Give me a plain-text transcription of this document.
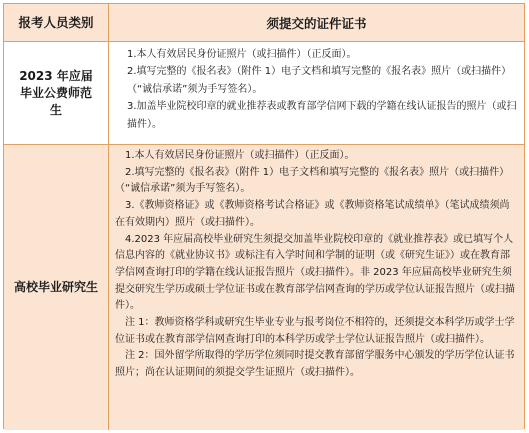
报考人员类别	须提交的证件证书
2023 年应届毕业公费师范生

1.本人有效居民身份证照片（或扫描件）（正反面）。

2.填写完整的《报名表》（附件 1）电子文档和填写完整的《报名表》照片（或扫描件）（“诚信承诺”须为手写签名）。

3.加盖毕业院校印章的就业推荐表或教育部学信网下载的学籍在线认证报告的照片（或扫描件）。

高校毕业研究生

1.本人有效居民身份证照片（或扫描件）（正反面）。

2.填写完整的《报名表》（附件 1）电子文档和填写完整的《报名表》照片（或扫描件）（“诚信承诺”须为手写签名）。

3.《教师资格证》或《教师资格考试合格证》或《教师资格笔试成绩单》（笔试成绩须尚在有效期内）照片（或扫描件）。

4.2023 年应届高校毕业研究生须提交加盖毕业院校印章的《就业推荐表》或已填写个人信息内容的《就业协议书》或标注有入学时间和学制的证明（或《研究生证》）或在教育部学信网查询打印的学籍在线认证报告照片（或扫描件）。非 2023 年应届高校毕业研究生须提交研究生学历或硕士学位证书或在教育部学信网查询的学历或学位认证报告照片（或扫描件）。

注 1：教师资格学科或研究生毕业专业与报考岗位不相符的，还须提交本科学历或学士学位证书或在教育部学信网查询打印的本科学历或学士学位认证报告照片（或扫描件）。

注 2：国外留学所取得的学历学位须同时提交教育部留学服务中心颁发的学历学位认证书照片；尚在认证期间的须提交学生证照片（或扫描件）。
